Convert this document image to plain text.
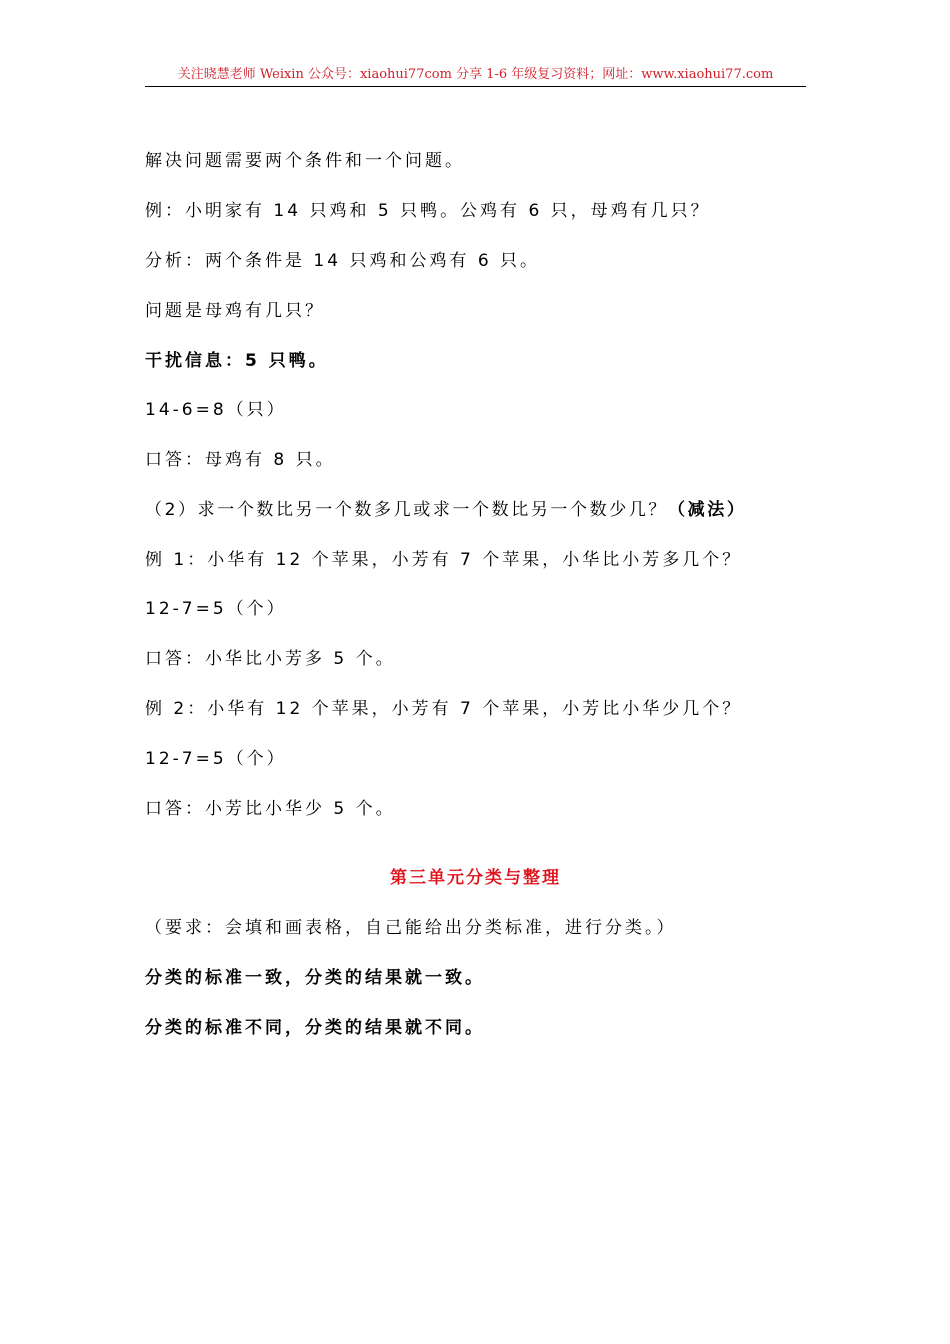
关注晓慧老师 Weixin 公众号：xiaohui77com 分享 1-6 年级复习资料；网址：www.xiaohui77.com
解决问题需要两个条件和一个问题。
例：小明家有 14 只鸡和 5 只鸭。公鸡有 6 只，母鸡有几只？
分析：两个条件是 14 只鸡和公鸡有 6 只。
问题是母鸡有几只？
干扰信息：5 只鸭。
14-6=8（只）
口答：母鸡有 8 只。
（2）求一个数比另一个数多几或求一个数比另一个数少几？（减法）
例 1：小华有 12 个苹果，小芳有 7 个苹果，小华比小芳多几个？
12-7=5（个）
口答：小华比小芳多 5 个。
例 2：小华有 12 个苹果，小芳有 7 个苹果，小芳比小华少几个？
12-7=5（个）
口答：小芳比小华少 5 个。
第三单元分类与整理
（要求：会填和画表格，自己能给出分类标准，进行分类。）
分类的标准一致，分类的结果就一致。
分类的标准不同，分类的结果就不同。
